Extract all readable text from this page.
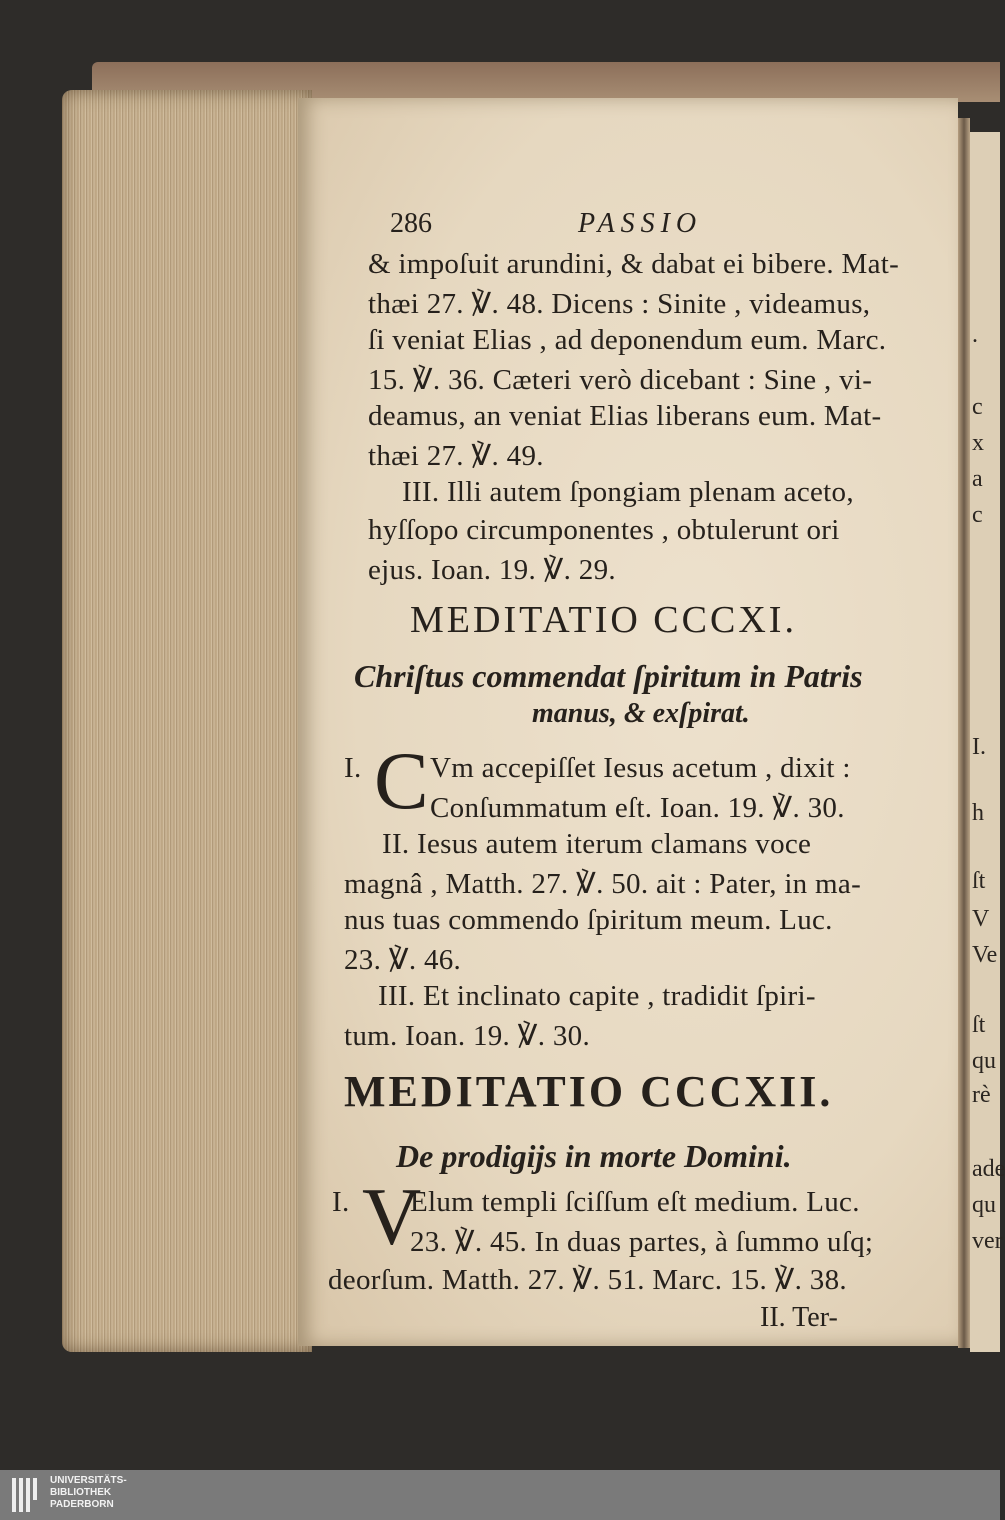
286	PASSIO
& impoſuit arundini, & dabat ei bibere. Mat-
thæi 27. ℣. 48. Dicens : Sinite , videamus,
ſi veniat Elias , ad deponendum eum. Marc.
15. ℣. 36. Cæteri verò dicebant : Sine , vi-
deamus, an veniat Elias liberans eum. Mat-
thæi 27. ℣. 49.
III. Illi autem ſpongiam plenam aceto,
hyſſopo circumponentes , obtulerunt ori
ejus. Ioan. 19. ℣. 29.
MEDITATIO CCCXI.
Chriſtus commendat ſpiritum in Patris
manus, & exſpirat.
I. C Vm accepiſſet Iesus acetum , dixit :
Conſummatum eſt. Ioan. 19. ℣. 30.
II. Iesus autem iterum clamans voce
magnâ , Matth. 27. ℣. 50. ait : Pater, in ma-
nus tuas commendo ſpiritum meum. Luc.
23. ℣. 46.
III. Et inclinato capite , tradidit ſpiri-
tum. Ioan. 19. ℣. 30.
MEDITATIO CCCXII.
De prodigijs in morte Domini.
I. V
Elum templi ſciſſum eſt medium. Luc.
23. ℣. 45. In duas partes, à ſummo uſq;
deorſum. Matth. 27. ℣. 51. Marc. 15. ℣. 38.
II. Ter-
.
c
x
a
c
I.
h
ſt
V
Ve
ſt
qu
rè
ade
qu
ver
UNIVERSITÄTS-
BIBLIOTHEK
PADERBORN
